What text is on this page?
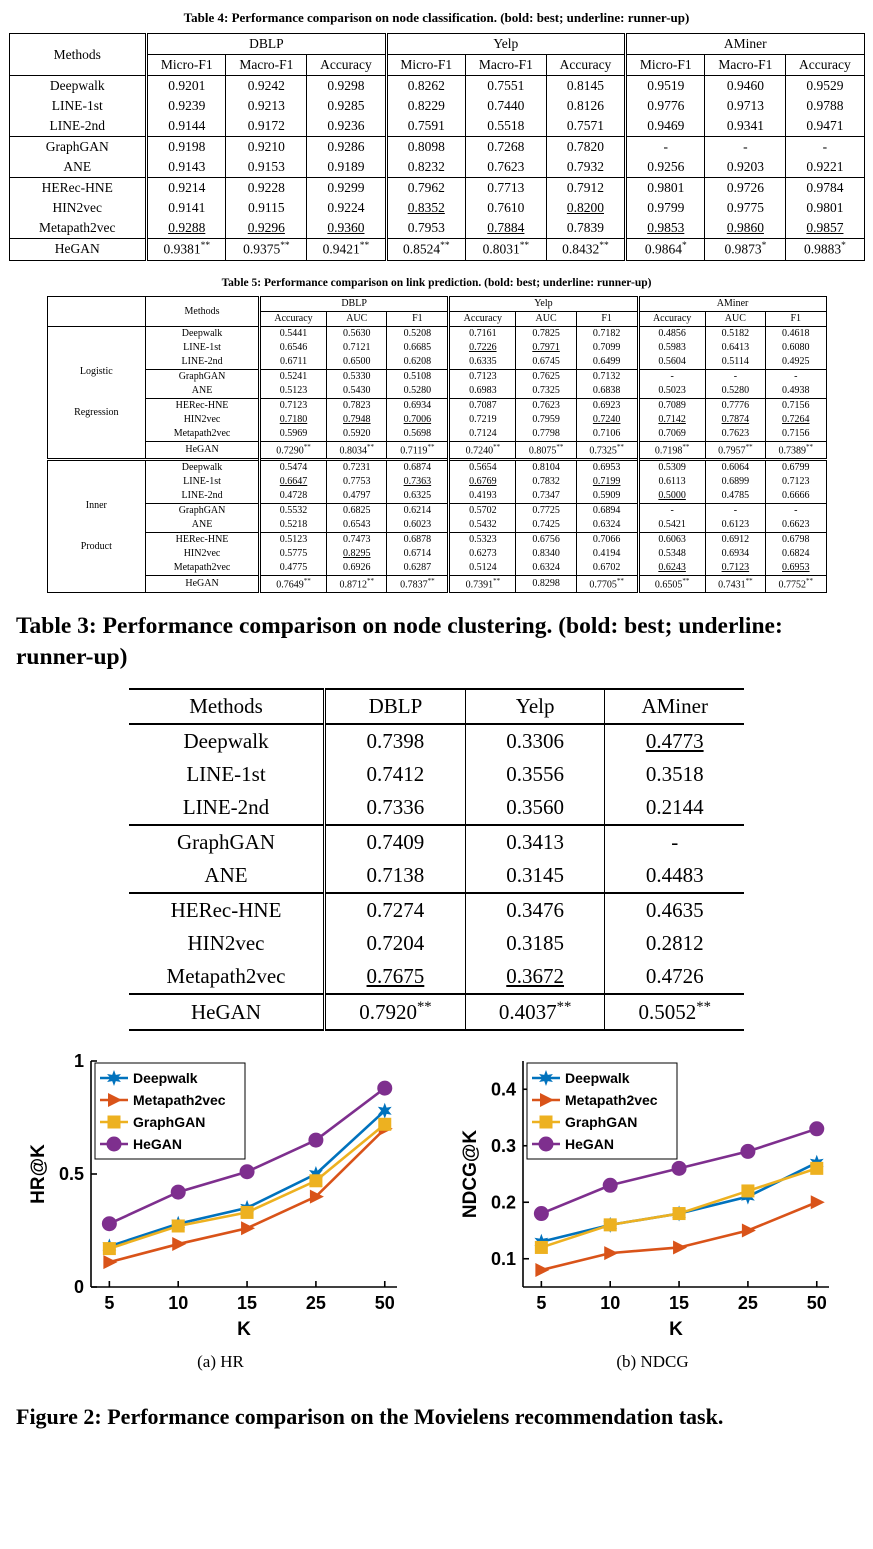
Table 4: Performance comparison on node classification. (bold: best; underline: runner-up)
Methods	DBLP			Yelp			AMiner		
	Micro-F1	Macro-F1	Accuracy	Micro-F1	Macro-F1	Accuracy	Micro-F1	Macro-F1	Accuracy
Deepwalk	0.9201	0.9242	0.9298	0.8262	0.7551	0.8145	0.9519	0.9460	0.9529
LINE-1st	0.9239	0.9213	0.9285	0.8229	0.7440	0.8126	0.9776	0.9713	0.9788
LINE-2nd	0.9144	0.9172	0.9236	0.7591	0.5518	0.7571	0.9469	0.9341	0.9471
GraphGAN	0.9198	0.9210	0.9286	0.8098	0.7268	0.7820	-	-	-
ANE	0.9143	0.9153	0.9189	0.8232	0.7623	0.7932	0.9256	0.9203	0.9221
HERec-HNE	0.9214	0.9228	0.9299	0.7962	0.7713	0.7912	0.9801	0.9726	0.9784
HIN2vec	0.9141	0.9115	0.9224	0.8352	0.7610	0.8200	0.9799	0.9775	0.9801
Metapath2vec	0.9288	0.9296	0.9360	0.7953	0.7884	0.7839	0.9853	0.9860	0.9857
HeGAN	0.9381**	0.9375**	0.9421**	0.8524**	0.8031**	0.8432**	0.9864*	0.9873*	0.9883*
Table 5: Performance comparison on link prediction. (bold: best; underline: runner-up)
	Methods	DBLP			Yelp			AMiner		
		Accuracy	AUC	F1	Accuracy	AUC	F1	Accuracy	AUC	F1

Logistic
Regression	Deepwalk	0.5441	0.5630	0.5208	0.7161	0.7825	0.7182	0.4856	0.5182	0.4618
	LINE-1st	0.6546	0.7121	0.6685	0.7226	0.7971	0.7099	0.5983	0.6413	0.6080
	LINE-2nd	0.6711	0.6500	0.6208	0.6335	0.6745	0.6499	0.5604	0.5114	0.4925
	GraphGAN	0.5241	0.5330	0.5108	0.7123	0.7625	0.7132	-	-	-
	ANE	0.5123	0.5430	0.5280	0.6983	0.7325	0.6838	0.5023	0.5280	0.4938
	HERec-HNE	0.7123	0.7823	0.6934	0.7087	0.7623	0.6923	0.7089	0.7776	0.7156
	HIN2vec	0.7180	0.7948	0.7006	0.7219	0.7959	0.7240	0.7142	0.7874	0.7264
	Metapath2vec	0.5969	0.5920	0.5698	0.7124	0.7798	0.7106	0.7069	0.7623	0.7156
	HeGAN	0.7290**	0.8034**	0.7119**	0.7240**	0.8075**	0.7325**	0.7198**	0.7957**	0.7389**

Inner
Product	Deepwalk	0.5474	0.7231	0.6874	0.5654	0.8104	0.6953	0.5309	0.6064	0.6799
	LINE-1st	0.6647	0.7753	0.7363	0.6769	0.7832	0.7199	0.6113	0.6899	0.7123
	LINE-2nd	0.4728	0.4797	0.6325	0.4193	0.7347	0.5909	0.5000	0.4785	0.6666
	GraphGAN	0.5532	0.6825	0.6214	0.5702	0.7725	0.6894	-	-	-
	ANE	0.5218	0.6543	0.6023	0.5432	0.7425	0.6324	0.5421	0.6123	0.6623
	HERec-HNE	0.5123	0.7473	0.6878	0.5323	0.6756	0.7066	0.6063	0.6912	0.6798
	HIN2vec	0.5775	0.8295	0.6714	0.6273	0.8340	0.4194	0.5348	0.6934	0.6824
	Metapath2vec	0.4775	0.6926	0.6287	0.5124	0.6324	0.6702	0.6243	0.7123	0.6953
	HeGAN	0.7649**	0.8712**	0.7837**	0.7391**	0.8298	0.7705**	0.6505**	0.7431**	0.7752**
Table 3: Performance comparison on node clustering. (bold: best; underline: runner-up)
Methods	DBLP	Yelp	AMiner
Deepwalk	0.7398	0.3306	0.4773
LINE-1st	0.7412	0.3556	0.3518
LINE-2nd	0.7336	0.3560	0.2144
GraphGAN	0.7409	0.3413	-
ANE	0.7138	0.3145	0.4483
HERec-HNE	0.7274	0.3476	0.4635
HIN2vec	0.7204	0.3185	0.2812
Metapath2vec	0.7675	0.3672	0.4726
HeGAN	0.7920**	0.4037**	0.5052**
0
0.5
1
5	10	15	25	50
K
HR@K
Deepwalk
Metapath2vec
GraphGAN
HeGAN
(a) HR
0.1
0.2
0.3
0.4
5	10	15	25	50
K
NDCG@K
Deepwalk
Metapath2vec
GraphGAN
HeGAN
(b) NDCG
Figure 2: Performance comparison on the Movielens recommendation task.
